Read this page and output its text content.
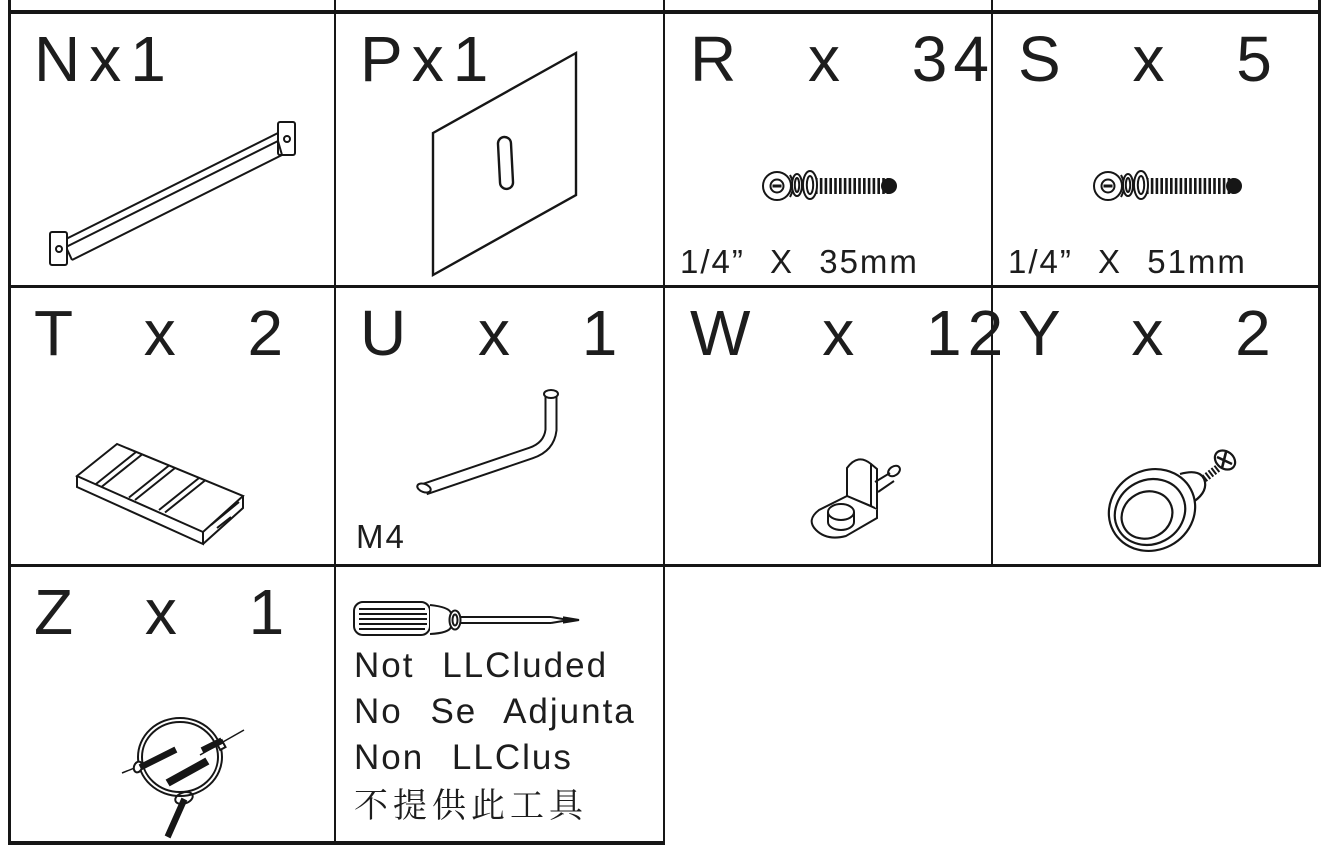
Nx1	Px1	R x 34
1/4” X 35mm
S x 5
1/4” X 51mm
T x 2 U x 1
M4
W x 12 Y x 2
Z x 1
Not LLCluded
No Se Adjunta
Non LLClus
不提供此工具
